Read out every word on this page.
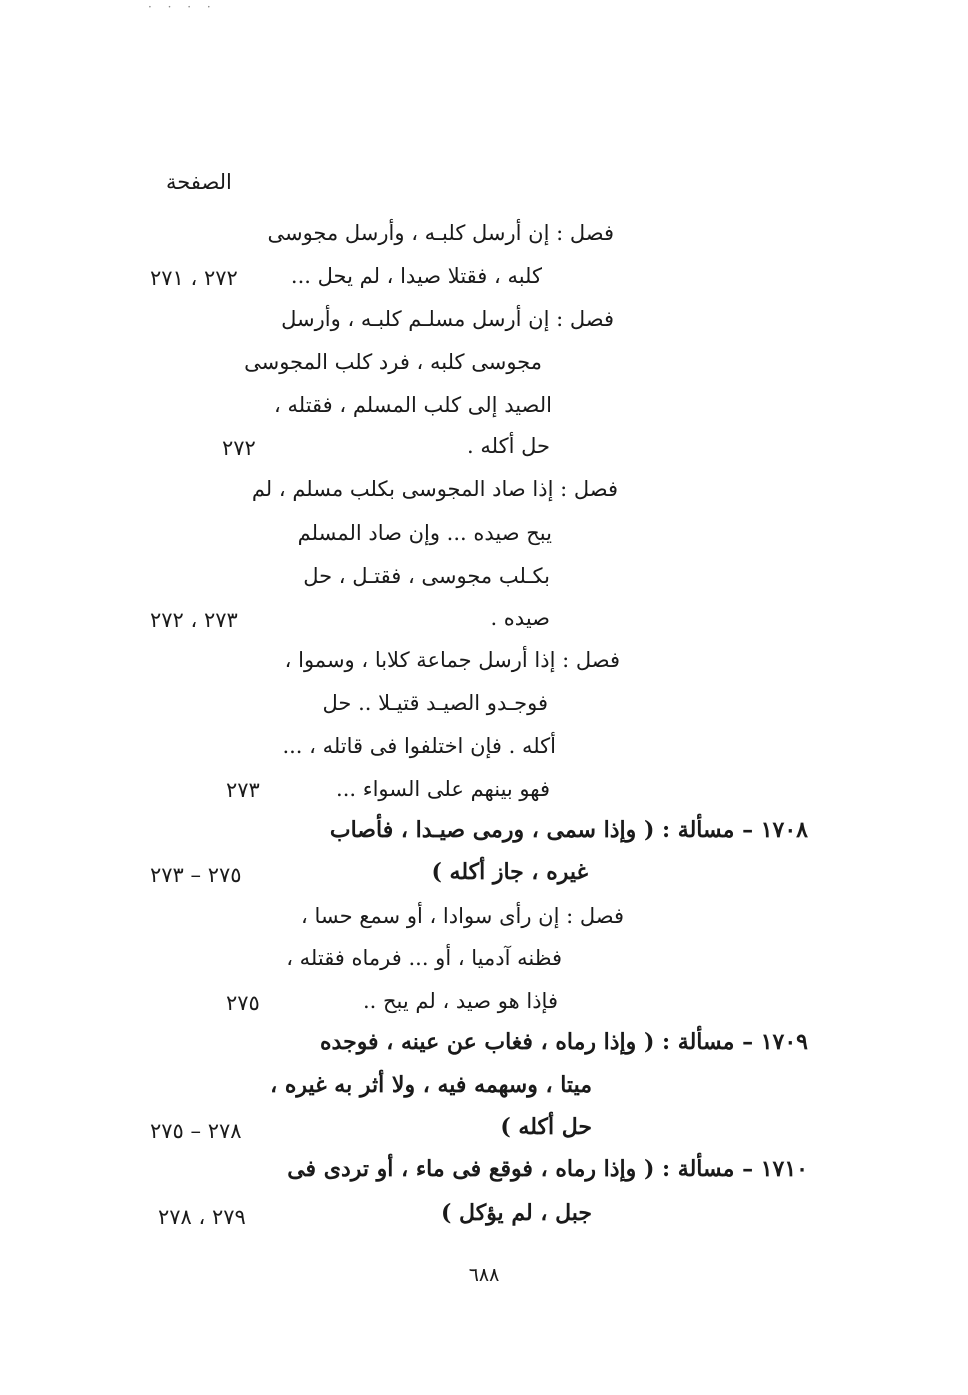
· · · ·
الصفحة
فصل : إن أرسل كلبـه ، وأرسل مجوسى
كلبه ، فقتلا صيدا ، لم يحل ...
فصل : إن أرسل مسلـم كلبـه ، وأرسل
مجوسى كلبه ، فرد كلب المجوسى
الصيد إلى كلب المسلم ، فقتله ،
حل أكله .
فصل : إذا صاد المجوسى بكلب مسلم ، لم
يبح صيده ... وإن صاد المسلم
بكـلب مجوسى ، فقتـل ، حل
صيده .
فصل : إذا أرسل جماعة كلابا ، وسموا ،
فوجـدو الصيـد قتيـلا .. حل
أكله . فإن اختلفوا فى قاتله ، ...
فهو بينهم على السواء ...
١٧٠٨ – مسألة : ( وإذا سمى ، ورمى صيـدا ، فأصاب
غيره ، جاز أكله )
فصل : إن رأى سوادا ، أو سمع حسا ،
فظنه آدميا ، أو ... فرماه فقتله ،
فإذا هو صيد ، لم يبح ..
١٧٠٩ – مسألة : ( وإذا رماه ، فغاب عن عينه ، فوجده
ميتا ، وسهمه فيه ، ولا أثر به غيره ،
حل أكله )
١٧١٠ – مسألة : ( وإذا رماه ، فوقع فى ماء ، أو تردى فى
جبل ، لم يؤكل )
٢٧٢ ، ٢٧١
٢٧٢
٢٧٣ ، ٢٧٢
٢٧٣
٢٧٥ – ٢٧٣
٢٧٥
٢٧٨ – ٢٧٥
٢٧٩ ، ٢٧٨
٦٨٨
